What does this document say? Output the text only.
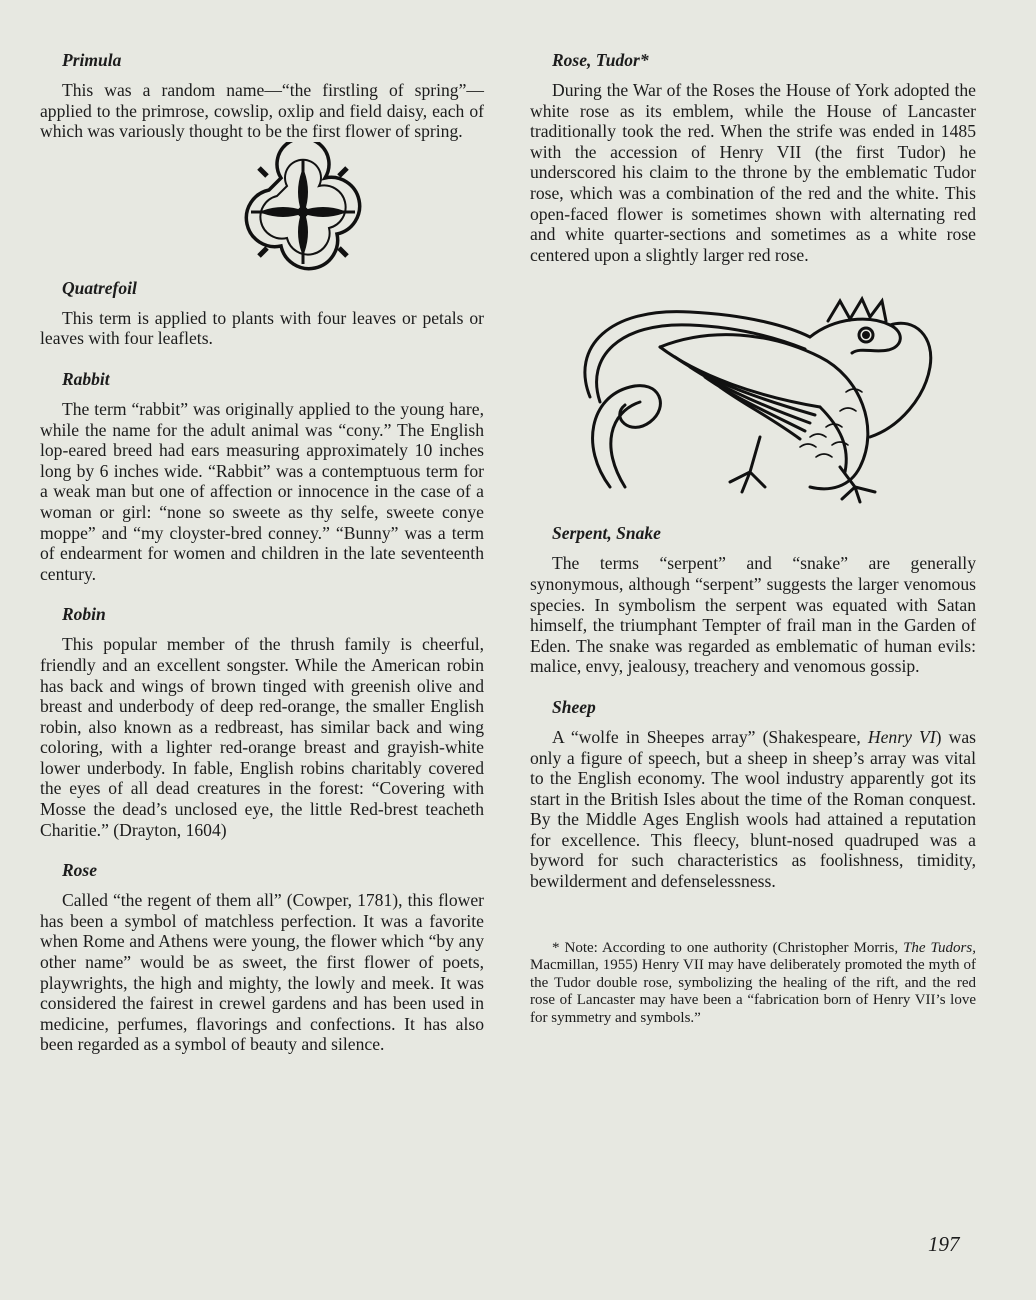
Primula

This was a random name—“the firstling of spring”—applied to the primrose, cowslip, oxlip and field daisy, each of which was variously thought to be the first flower of spring.

Quatrefoil

This term is applied to plants with four leaves or petals or leaves with four leaflets.

Rabbit

The term “rabbit” was originally applied to the young hare, while the name for the adult animal was “cony.” The English lop-eared breed had ears measuring approximately 10 inches long by 6 inches wide. “Rabbit” was a contemptuous term for a weak man but one of affection or innocence in the case of a woman or girl: “none so sweete as thy selfe, sweete conye moppe” and “my cloyster-bred conney.” “Bunny” was a term of endearment for women and children in the late seventeenth century.

Robin

This popular member of the thrush family is cheerful, friendly and an excellent songster. While the American robin has back and wings of brown tinged with greenish olive and breast and underbody of deep red-orange, the smaller English robin, also known as a redbreast, has similar back and wing coloring, with a lighter red-orange breast and grayish-white lower underbody. In fable, English robins charitably covered the eyes of all dead creatures in the forest: “Covering with Mosse the dead’s unclosed eye, the little Red-brest teacheth Charitie.” (Drayton, 1604)

Rose

Called “the regent of them all” (Cowper, 1781), this flower has been a symbol of matchless perfection. It was a favorite when Rome and Athens were young, the flower which “by any other name” would be as sweet, the first flower of poets, playwrights, the high and mighty, the lowly and meek. It was considered the fairest in crewel gardens and has been used in medicine, perfumes, flavorings and confections. It has also been regarded as a symbol of beauty and silence.

Rose, Tudor*

During the War of the Roses the House of York adopted the white rose as its emblem, while the House of Lancaster traditionally took the red. When the strife was ended in 1485 with the accession of Henry VII (the first Tudor) he underscored his claim to the throne by the emblematic Tudor rose, which was a combination of the red and the white. This open-faced flower is sometimes shown with alternating red and white quarter-sections and sometimes as a white rose centered upon a slightly larger red rose.

Serpent, Snake

The terms “serpent” and “snake” are generally synonymous, although “serpent” suggests the larger venomous species. In symbolism the serpent was equated with Satan himself, the triumphant Tempter of frail man in the Garden of Eden. The snake was regarded as emblematic of human evils: malice, envy, jealousy, treachery and venomous gossip.

Sheep

A “wolfe in Sheepes array” (Shakespeare, Henry VI) was only a figure of speech, but a sheep in sheep’s array was vital to the English economy. The wool industry apparently got its start in the British Isles about the time of the Roman conquest. By the Middle Ages English wools had attained a reputation for excellence. This fleecy, blunt-nosed quadruped was a byword for such characteristics as foolishness, timidity, bewilderment and defenselessness.

* Note: According to one authority (Christopher Morris, The Tudors, Macmillan, 1955) Henry VII may have deliberately promoted the myth of the Tudor double rose, symbolizing the healing of the rift, and the red rose of Lancaster may have been a “fabrication born of Henry VII’s love for symmetry and symbols.”

197
